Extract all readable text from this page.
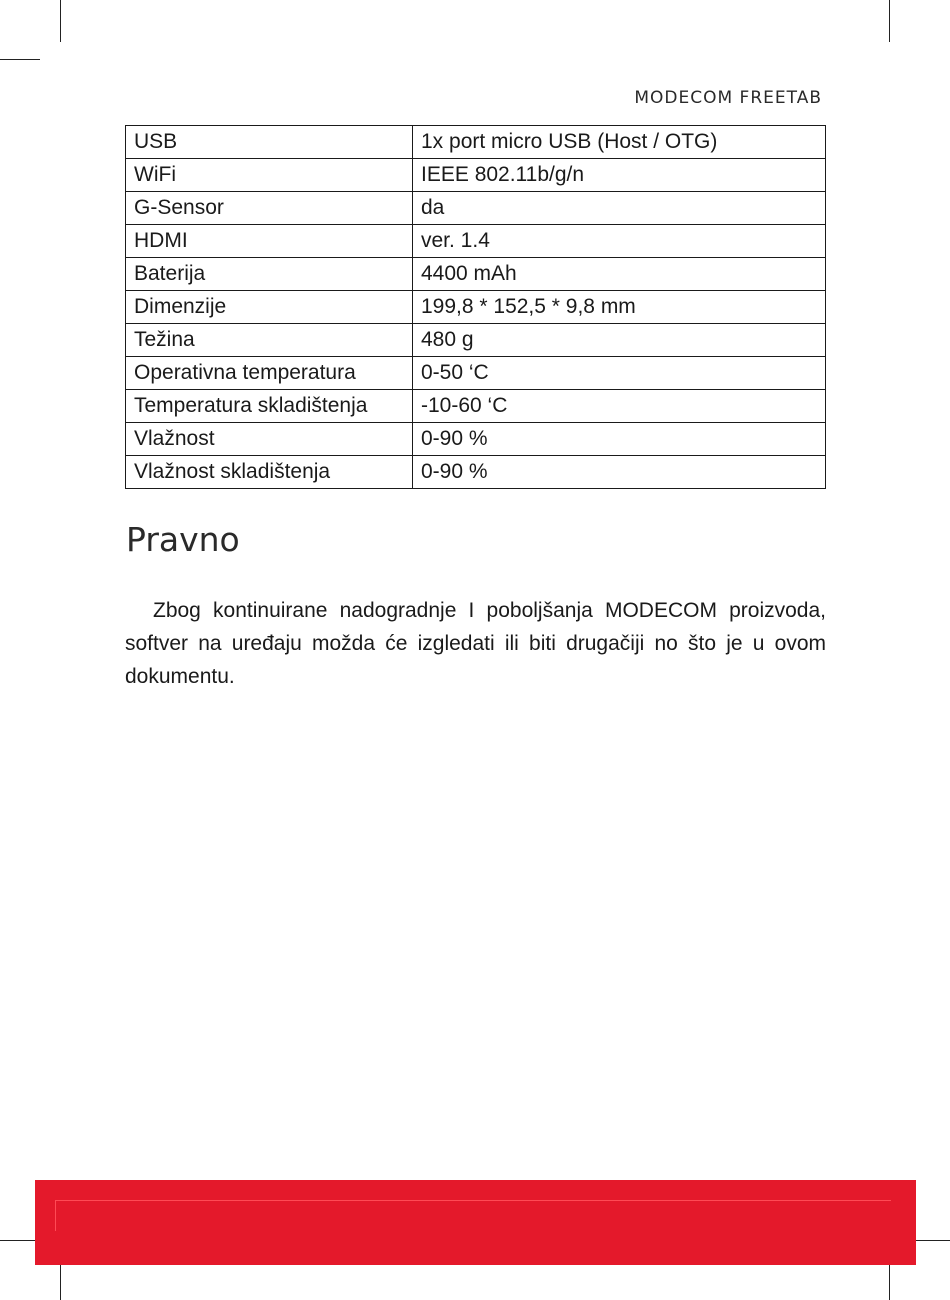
MODECOM FREETAB
USB	1x port micro USB (Host / OTG)
WiFi	IEEE 802.11b/g/n
G-Sensor	da
HDMI	ver. 1.4
Baterija	4400 mAh
Dimenzije	199,8 * 152,5 * 9,8 mm
Težina	480 g
Operativna temperatura	0-50 ‘C
Temperatura skladištenja	-10-60 ‘C
Vlažnost	0-90 %
Vlažnost skladištenja	0-90 %
Pravno

Zbog kontinuirane nadogradnje I poboljšanja MODECOM proizvoda, softver na uređaju možda će izgledati ili biti drugačiji no što je u ovom dokumentu.
